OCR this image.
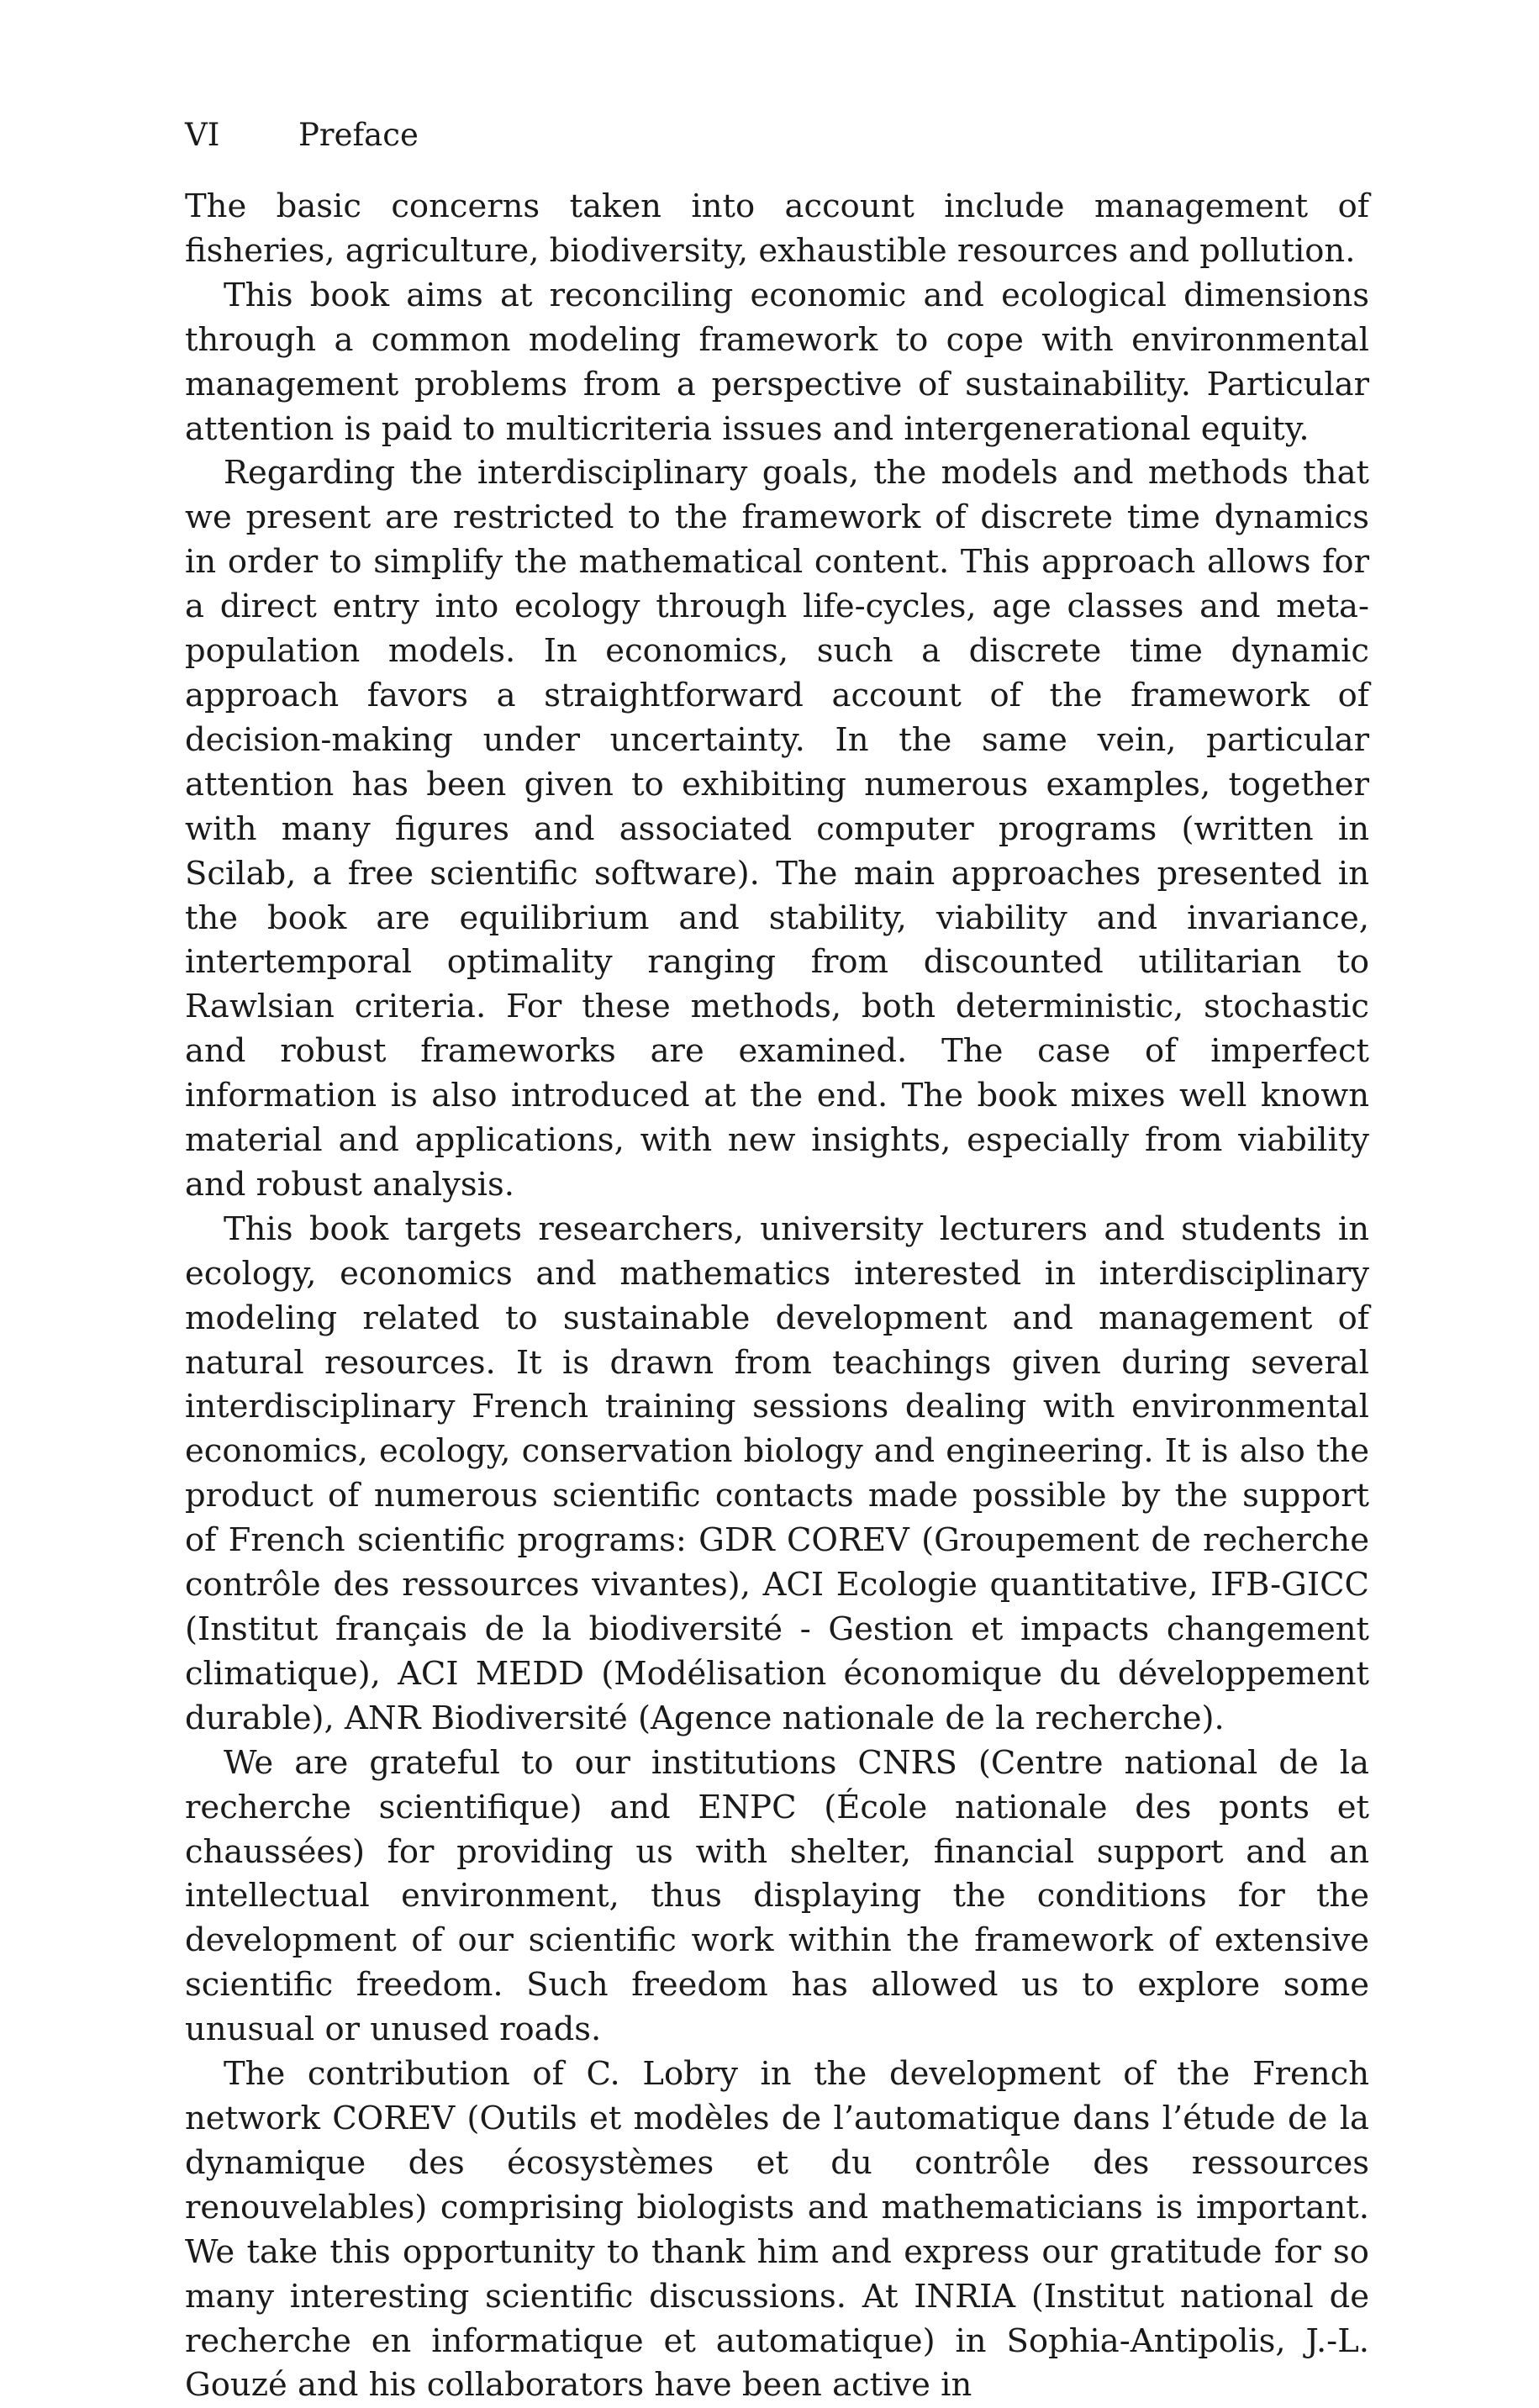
VI	Preface

The basic concerns taken into account include management of fisheries, agriculture, biodiversity, exhaustible resources and pollution.

This book aims at reconciling economic and ecological dimensions through a common modeling framework to cope with environmental management problems from a perspective of sustainability. Particular attention is paid to multicriteria issues and intergenerational equity.

Regarding the interdisciplinary goals, the models and methods that we present are restricted to the framework of discrete time dynamics in order to simplify the mathematical content. This approach allows for a direct entry into ecology through life-cycles, age classes and meta-population models. In economics, such a discrete time dynamic approach favors a straightforward account of the framework of decision-making under uncertainty. In the same vein, particular attention has been given to exhibiting numerous examples, together with many figures and associated computer programs (written in Scilab, a free scientific software). The main approaches presented in the book are equilibrium and stability, viability and invariance, intertemporal optimality ranging from discounted utilitarian to Rawlsian criteria. For these methods, both deterministic, stochastic and robust frameworks are examined. The case of imperfect information is also introduced at the end. The book mixes well known material and applications, with new insights, especially from viability and robust analysis.

This book targets researchers, university lecturers and students in ecology, economics and mathematics interested in interdisciplinary modeling related to sustainable development and management of natural resources. It is drawn from teachings given during several interdisciplinary French training sessions dealing with environmental economics, ecology, conservation biology and engineering. It is also the product of numerous scientific contacts made possible by the support of French scientific programs: GDR COREV (Groupement de recherche contrôle des ressources vivantes), ACI Ecologie quantitative, IFB-GICC (Institut français de la biodiversité - Gestion et impacts changement climatique), ACI MEDD (Modélisation économique du développement durable), ANR Biodiversité (Agence nationale de la recherche).

We are grateful to our institutions CNRS (Centre national de la recherche scientifique) and ENPC (École nationale des ponts et chaussées) for providing us with shelter, financial support and an intellectual environment, thus displaying the conditions for the development of our scientific work within the framework of extensive scientific freedom. Such freedom has allowed us to explore some unusual or unused roads.

The contribution of C. Lobry in the development of the French network COREV (Outils et modèles de l’automatique dans l’étude de la dynamique des écosystèmes et du contrôle des ressources renouvelables) comprising biologists and mathematicians is important. We take this opportunity to thank him and express our gratitude for so many interesting scientific discussions. At INRIA (Institut national de recherche en informatique et automatique) in Sophia-Antipolis, J.-L. Gouzé and his collaborators have been active in
